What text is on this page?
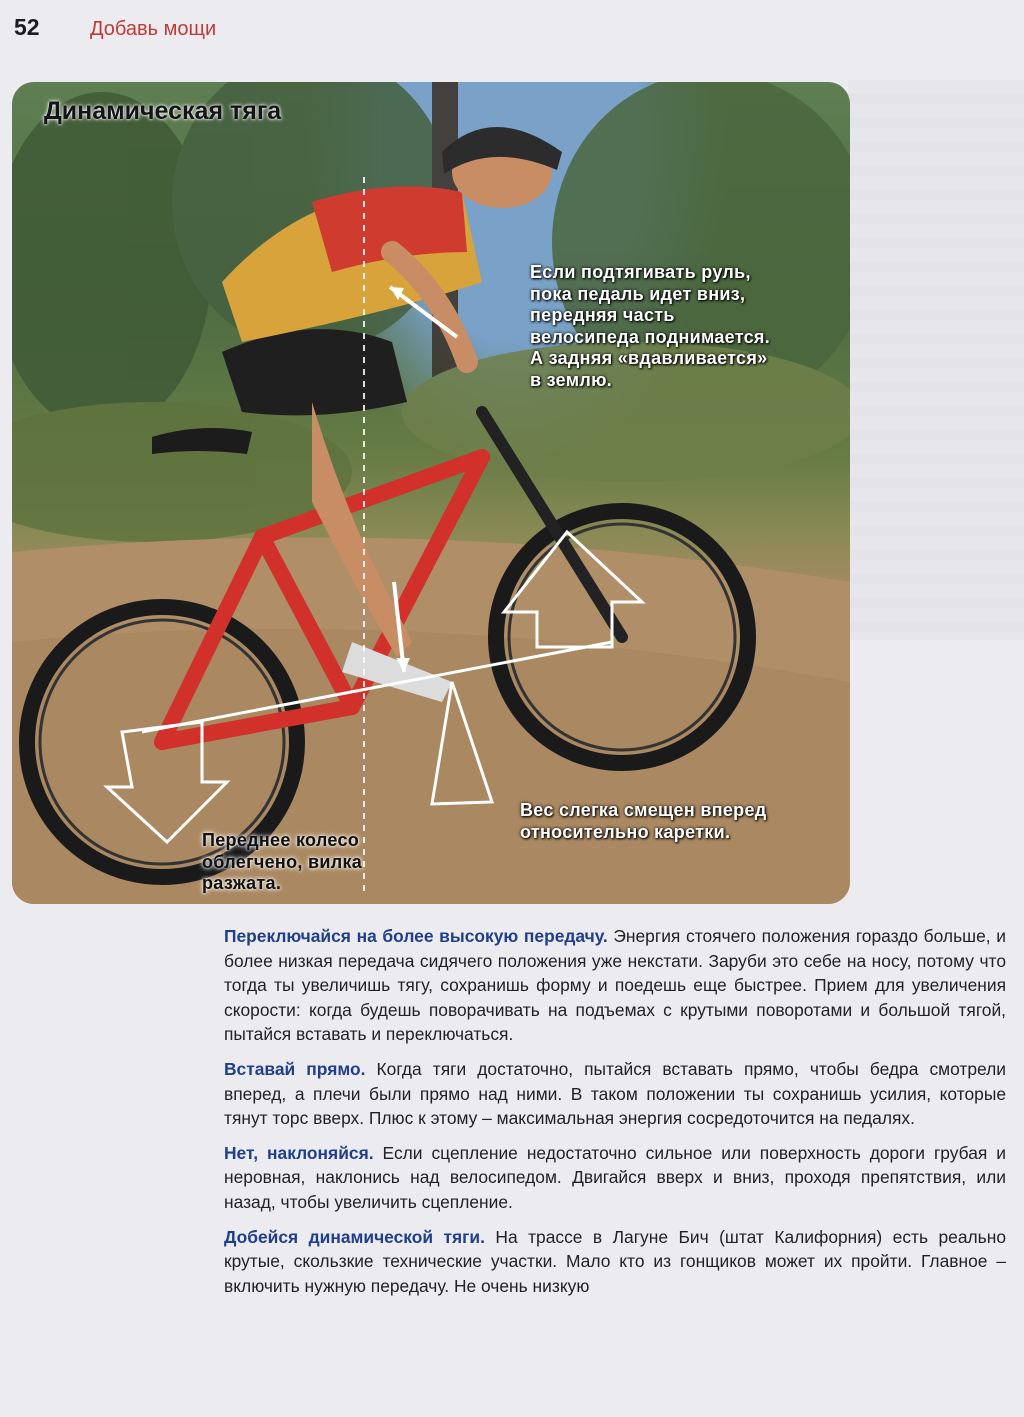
52	Добавь мощи
Динамическая тяга
Если подтягивать руль, пока педаль идет вниз, передняя часть велосипеда поднимается. А задняя «вдавливается» в землю.
Вес слегка смещен вперед относительно каретки.
Переднее колесо облегчено, вилка разжата.

Переключайся на более высокую передачу. Энергия стоячего положения гораздо больше, и более низкая передача сидячего положения уже некстати. Заруби это себе на носу, потому что тогда ты увеличишь тягу, сохранишь форму и поедешь еще быстрее. Прием для увеличения скорости: когда будешь поворачивать на подъемах с крутыми поворотами и большой тягой, пытайся вставать и переключаться.

Вставай прямо. Когда тяги достаточно, пытайся вставать прямо, чтобы бедра смотрели вперед, а плечи были прямо над ними. В таком положении ты сохранишь усилия, которые тянут торс вверх. Плюс к этому – максимальная энергия сосредоточится на педалях.

Нет, наклоняйся. Если сцепление недостаточно сильное или поверхность дороги грубая и неровная, наклонись над велосипедом. Двигайся вверх и вниз, проходя препятствия, или назад, чтобы увеличить сцепление.

Добейся динамической тяги. На трассе в Лагуне Бич (штат Калифорния) есть реально крутые, скользкие технические участки. Мало кто из гонщиков может их пройти. Главное – включить нужную передачу. Не очень низкую
